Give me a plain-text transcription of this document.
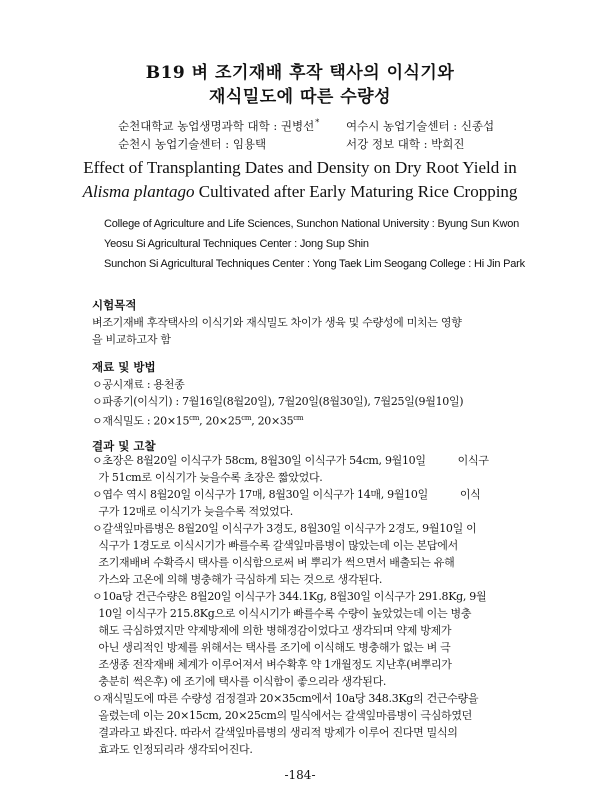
B19 벼 조기재배 후작 택사의 이식기와
재식밀도에 따른 수량성
순천대학교 농업생명과학 대학 : 권병선* 여수시 농업기술센터 : 신종섭
순천시 농업기술센터 : 임용택	서강 정보 대학 : 박희진
Effect of Transplanting Dates and Density on Dry Root Yield in
Alisma plantago Cultivated after Early Maturing Rice Cropping
College of Agriculture and Life Sciences, Sunchon National University : Byung Sun Kwon
Yeosu Si Agricultural Techniques Center : Jong Sup Shin
Sunchon Si Agricultural Techniques Center : Yong Taek Lim Seogang College : Hi Jin Park
시험목적
벼조기재배 후작택사의 이식기와 재식밀도 차이가 생육 및 수량성에 미치는 영향
을 비교하고자 함
재료 및 방법
ㅇ공시재료 : 용천종
ㅇ파종기(이식기) : 7월16일(8월20일), 7월20일(8월30일), 7월25일(9월10일)
ㅇ재식밀도 : $20\times 15^{cm}$, $20\times 25^{cm}$, $20\times 35^{cm}$
결과 및 고찰
ㅇ초장은 8월20일 이식구가 58cm, 8월30일 이식구가 54cm, 9월10일          이식구
가 51cm로 이식기가 늦을수록 초장은 짧았었다.
ㅇ엽수 역시 8월20일 이식구가 17매, 8월30일 이식구가 14매, 9월10일          이식
구가 12매로 이식기가 늦을수록 적었었다.
ㅇ갈색잎마름병은 8월20일 이식구가 3경도, 8월30일 이식구가 2경도, 9월10일 이
식구가 1경도로 이식시기가 빠를수록 갈색잎마름병이 많았는데 이는 본답에서
조기재배벼 수확즉시 택사를 이식함으로써 벼 뿌리가 썩으면서 배출되는 유해
가스와 고온에 의해 병충해가 극심하게 되는 것으로 생각된다.
ㅇ10a당 건근수량은 8월20일 이식구가 344.1Kg, 8월30일 이식구가 291.8Kg, 9월
10일 이식구가 215.8Kg으로 이식시기가 빠를수록 수량이 높았었는데 이는 병충
해도 극심하였지만 약제방제에 의한 병해경감이었다고 생각되며 약제 방제가
아닌 생리적인 방제를 위해서는 택사를 조기에 이식해도 병충해가 없는 벼 극
조생종 전작재배 체계가 이루어져서 벼수확후 약 1개월정도 지난후(벼뿌리가
충분히 썩은후) 에 조기에 택사를 이식함이 좋으리라 생각된다.
ㅇ재식밀도에 따른 수량성 검정결과 20×35cm에서 10a당 348.3Kg의 건근수량을
올렸는데 이는 20×15cm, 20×25cm의 밀식에서는 갈색잎마름병이 극심하였던
결과라고 봐진다. 따라서 갈색잎마름병의 생리적 방제가 이루어 진다면 밀식의
효과도 인정되리라 생각되어진다.
-184-
